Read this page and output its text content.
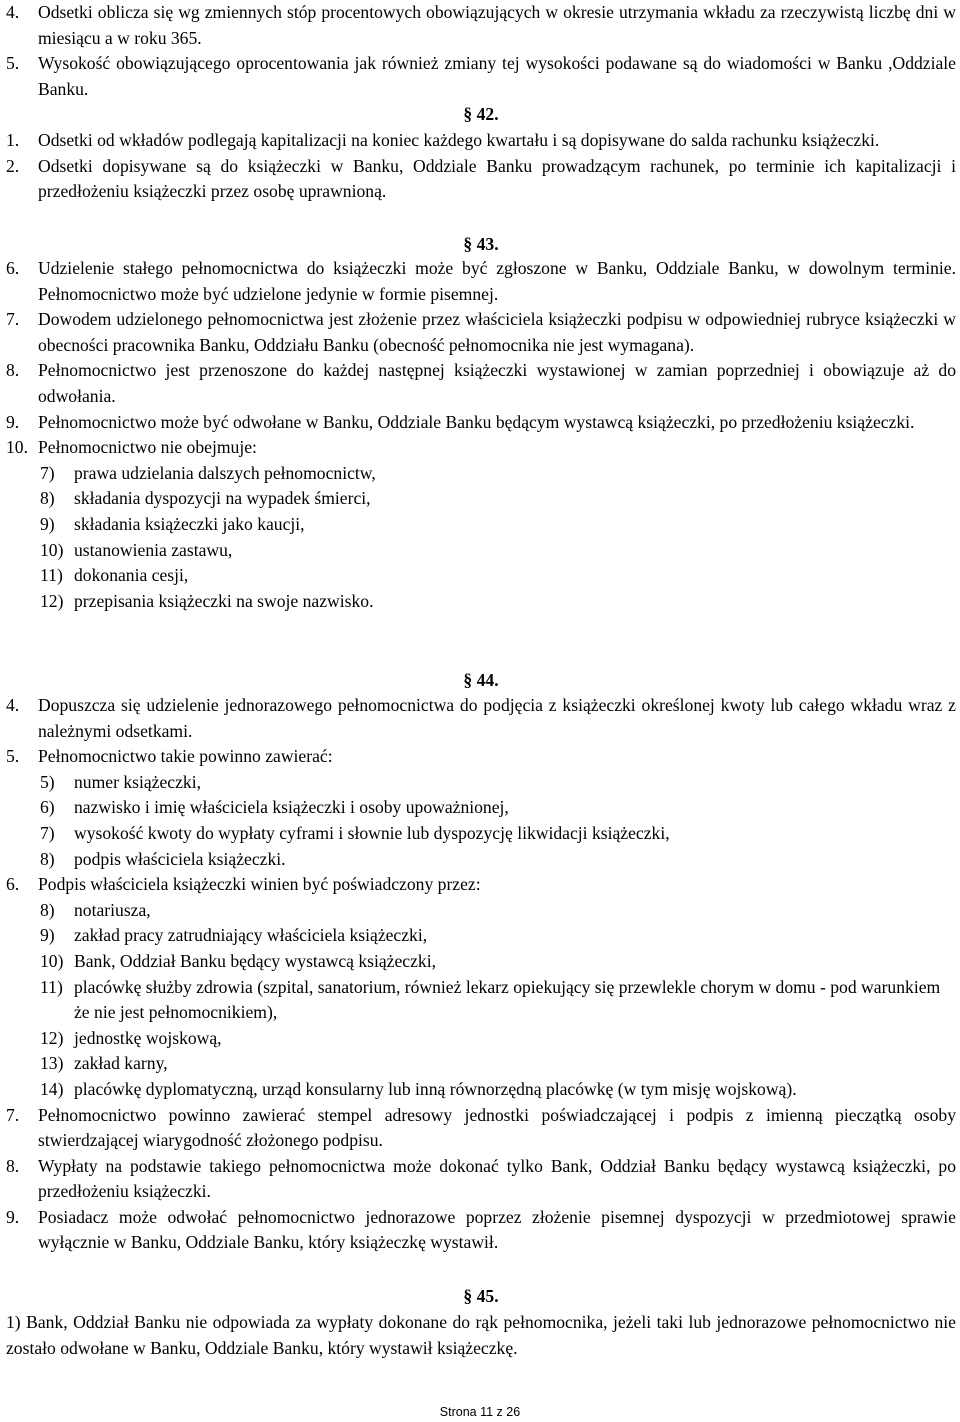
4.	Odsetki oblicza się wg zmiennych stóp procentowych obowiązujących w okresie utrzymania wkładu za rzeczywistą liczbę dni w miesiącu a w roku 365.
5.	Wysokość obowiązującego oprocentowania jak również zmiany tej wysokości podawane są do wiadomości w Banku ,Oddziale Banku.
§ 42.
1.	Odsetki od wkładów podlegają kapitalizacji na koniec każdego kwartału i są dopisywane do salda rachunku książeczki.
2.	Odsetki dopisywane są do książeczki w Banku, Oddziale Banku prowadzącym rachunek, po terminie ich kapitalizacji i przedłożeniu książeczki przez osobę uprawnioną.
§ 43.
6.	Udzielenie stałego pełnomocnictwa do książeczki może być zgłoszone w Banku, Oddziale Banku, w dowolnym terminie. Pełnomocnictwo może być udzielone jedynie w formie pisemnej.
7.	Dowodem udzielonego pełnomocnictwa jest złożenie przez właściciela książeczki podpisu w odpowiedniej rubryce książeczki w obecności pracownika Banku, Oddziału Banku (obecność pełnomocnika nie jest wymagana).
8.	Pełnomocnictwo jest przenoszone do każdej następnej książeczki wystawionej w zamian poprzedniej i obowiązuje aż do odwołania.
9.	Pełnomocnictwo może być odwołane w Banku, Oddziale Banku będącym wystawcą książeczki, po przedłożeniu książeczki.
10. Pełnomocnictwo nie obejmuje:
7)	prawa udzielania dalszych pełnomocnictw,
8)	składania dyspozycji na wypadek śmierci,
9)	składania książeczki jako kaucji,
10) ustanowienia zastawu,
11) dokonania cesji,
12) przepisania książeczki na swoje nazwisko.
§ 44.
4.	Dopuszcza się udzielenie jednorazowego pełnomocnictwa do podjęcia z książeczki określonej kwoty lub całego wkładu wraz z należnymi odsetkami.
5.	Pełnomocnictwo takie powinno zawierać:
5)	numer książeczki,
6)	nazwisko i imię właściciela książeczki i osoby upoważnionej,
7)	wysokość kwoty do wypłaty cyframi i słownie lub dyspozycję likwidacji książeczki,
8)	podpis właściciela książeczki.
6.	Podpis właściciela książeczki winien być poświadczony przez:
8)	notariusza,
9)	zakład pracy zatrudniający właściciela książeczki,
10) Bank, Oddział Banku będący wystawcą książeczki,
11) placówkę służby zdrowia (szpital, sanatorium, również lekarz opiekujący się przewlekle chorym w domu - pod warunkiem że nie jest pełnomocnikiem),
12) jednostkę wojskową,
13) zakład karny,
14) placówkę dyplomatyczną, urząd konsularny lub inną równorzędną placówkę (w tym misję wojskową).
7.	Pełnomocnictwo powinno zawierać stempel adresowy jednostki poświadczającej i podpis z imienną pieczątką osoby stwierdzającej wiarygodność złożonego podpisu.
8.	Wypłaty na podstawie takiego pełnomocnictwa może dokonać tylko Bank, Oddział Banku będący wystawcą książeczki, po przedłożeniu książeczki.
9.	Posiadacz może odwołać pełnomocnictwo jednorazowe poprzez złożenie pisemnej dyspozycji w przedmiotowej sprawie wyłącznie w Banku, Oddziale Banku, który książeczkę wystawił.
§ 45.
1) Bank, Oddział Banku nie odpowiada za wypłaty dokonane do rąk pełnomocnika, jeżeli taki lub jednorazowe pełnomocnictwo nie zostało odwołane w Banku, Oddziale Banku, który wystawił książeczkę.
Strona 11 z 26
